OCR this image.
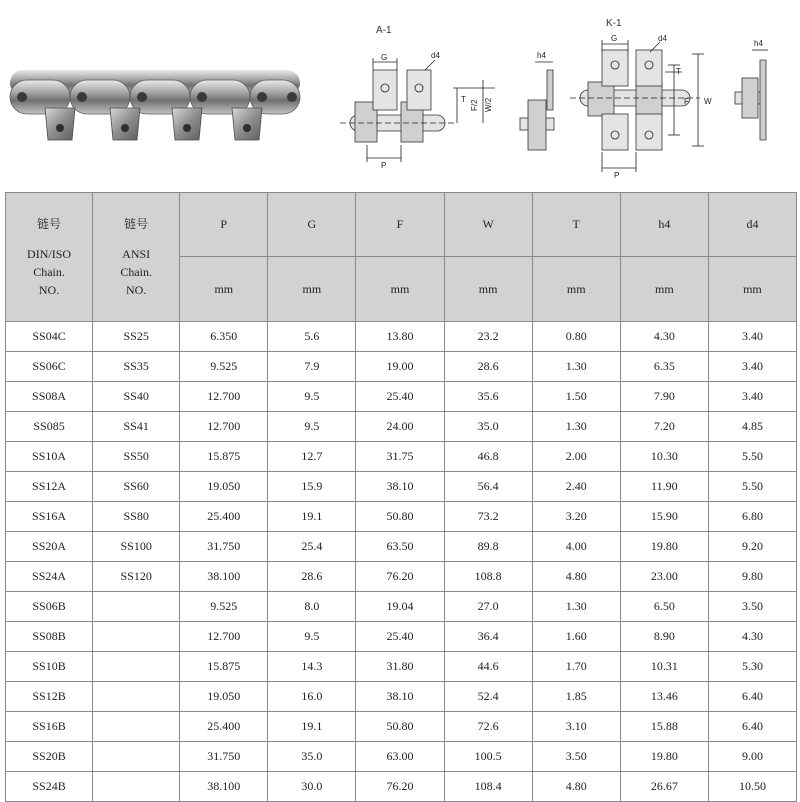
A-1
G	d4
T F/2 W/2
P
h4
K-1
G	d4
T
F W
P
h4
链号
DIN/ISO
Chain.
NO.	链号
ANSI
Chain.
NO.	P	G	F	W	T	h4	d4
		mm	mm	mm	mm	mm	mm	mm
SS04C	SS25	6.350	5.6	13.80	23.2	0.80	4.30	3.40
SS06C	SS35	9.525	7.9	19.00	28.6	1.30	6.35	3.40
SS08A	SS40	12.700	9.5	25.40	35.6	1.50	7.90	3.40
SS085	SS41	12.700	9.5	24.00	35.0	1.30	7.20	4.85
SS10A	SS50	15.875	12.7	31.75	46.8	2.00	10.30	5.50
SS12A	SS60	19.050	15.9	38.10	56.4	2.40	11.90	5.50
SS16A	SS80	25.400	19.1	50.80	73.2	3.20	15.90	6.80
SS20A	SS100	31.750	25.4	63.50	89.8	4.00	19.80	9.20
SS24A	SS120	38.100	28.6	76.20	108.8	4.80	23.00	9.80
SS06B		9.525	8.0	19.04	27.0	1.30	6.50	3.50
SS08B		12.700	9.5	25.40	36.4	1.60	8.90	4.30
SS10B		15.875	14.3	31.80	44.6	1.70	10.31	5.30
SS12B		19.050	16.0	38.10	52.4	1.85	13.46	6.40
SS16B		25.400	19.1	50.80	72.6	3.10	15.88	6.40
SS20B		31.750	35.0	63.00	100.5	3.50	19.80	9.00
SS24B		38.100	30.0	76.20	108.4	4.80	26.67	10.50
